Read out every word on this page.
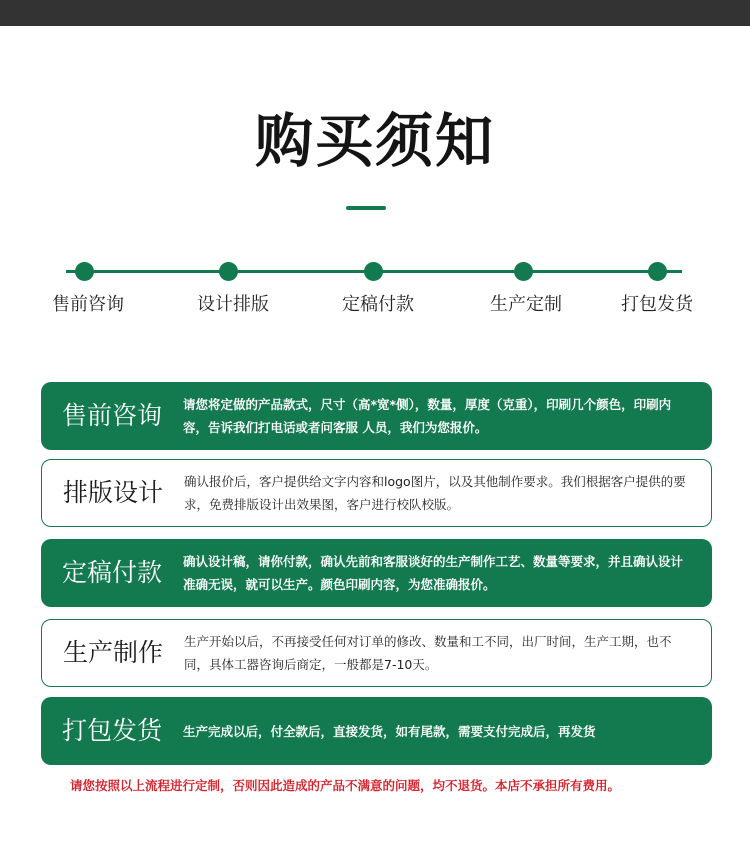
购买须知
售前咨询	设计排版	定稿付款	生产定制	打包发货
售前咨询	请您将定做的产品款式，尺寸（高*宽*侧），数量，厚度（克重），印刷几个颜色，印刷内容，告诉我们打电话或者问客服 人员，我们为您报价。
排版设计	确认报价后，客户提供给文字内容和logo图片，以及其他制作要求。我们根据客户提供的要求，免费排版设计出效果图，客户进行校队校版。
定稿付款	确认设计稿，请你付款，确认先前和客服谈好的生产制作工艺、数量等要求，并且确认设计准确无误，就可以生产。颜色印刷内容，为您准确报价。
生产制作	生产开始以后，不再接受任何对订单的修改、数量和工不同，出厂时间，生产工期，也不同，具体工器咨询后商定，一般都是7-10天。
打包发货	生产完成以后，付全款后，直接发货，如有尾款，需要支付完成后，再发货
请您按照以上流程进行定制，否则因此造成的产品不满意的问题，均不退货。本店不承担所有费用。
